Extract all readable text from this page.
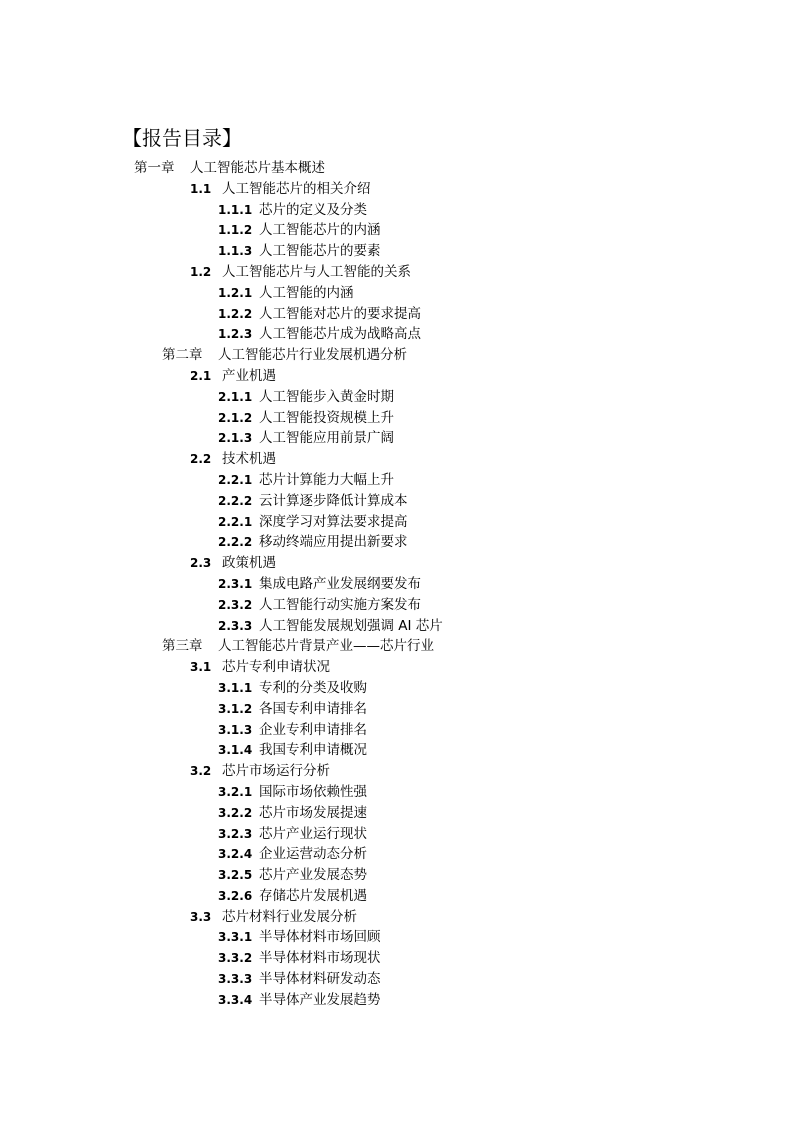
【报告目录】
第一章 人工智能芯片基本概述
1.1 人工智能芯片的相关介绍
1.1.1 芯片的定义及分类
1.1.2 人工智能芯片的内涵
1.1.3 人工智能芯片的要素
1.2 人工智能芯片与人工智能的关系
1.2.1 人工智能的内涵
1.2.2 人工智能对芯片的要求提高
1.2.3 人工智能芯片成为战略高点
第二章 人工智能芯片行业发展机遇分析
2.1 产业机遇
2.1.1 人工智能步入黄金时期
2.1.2 人工智能投资规模上升
2.1.3 人工智能应用前景广阔
2.2 技术机遇
2.2.1 芯片计算能力大幅上升
2.2.2 云计算逐步降低计算成本
2.2.1 深度学习对算法要求提高
2.2.2 移动终端应用提出新要求
2.3 政策机遇
2.3.1 集成电路产业发展纲要发布
2.3.2 人工智能行动实施方案发布
2.3.3 人工智能发展规划强调 AI 芯片
第三章 人工智能芯片背景产业——芯片行业
3.1 芯片专利申请状况
3.1.1 专利的分类及收购
3.1.2 各国专利申请排名
3.1.3 企业专利申请排名
3.1.4 我国专利申请概况
3.2 芯片市场运行分析
3.2.1 国际市场依赖性强
3.2.2 芯片市场发展提速
3.2.3 芯片产业运行现状
3.2.4 企业运营动态分析
3.2.5 芯片产业发展态势
3.2.6 存储芯片发展机遇
3.3 芯片材料行业发展分析
3.3.1 半导体材料市场回顾
3.3.2 半导体材料市场现状
3.3.3 半导体材料研发动态
3.3.4 半导体产业发展趋势
